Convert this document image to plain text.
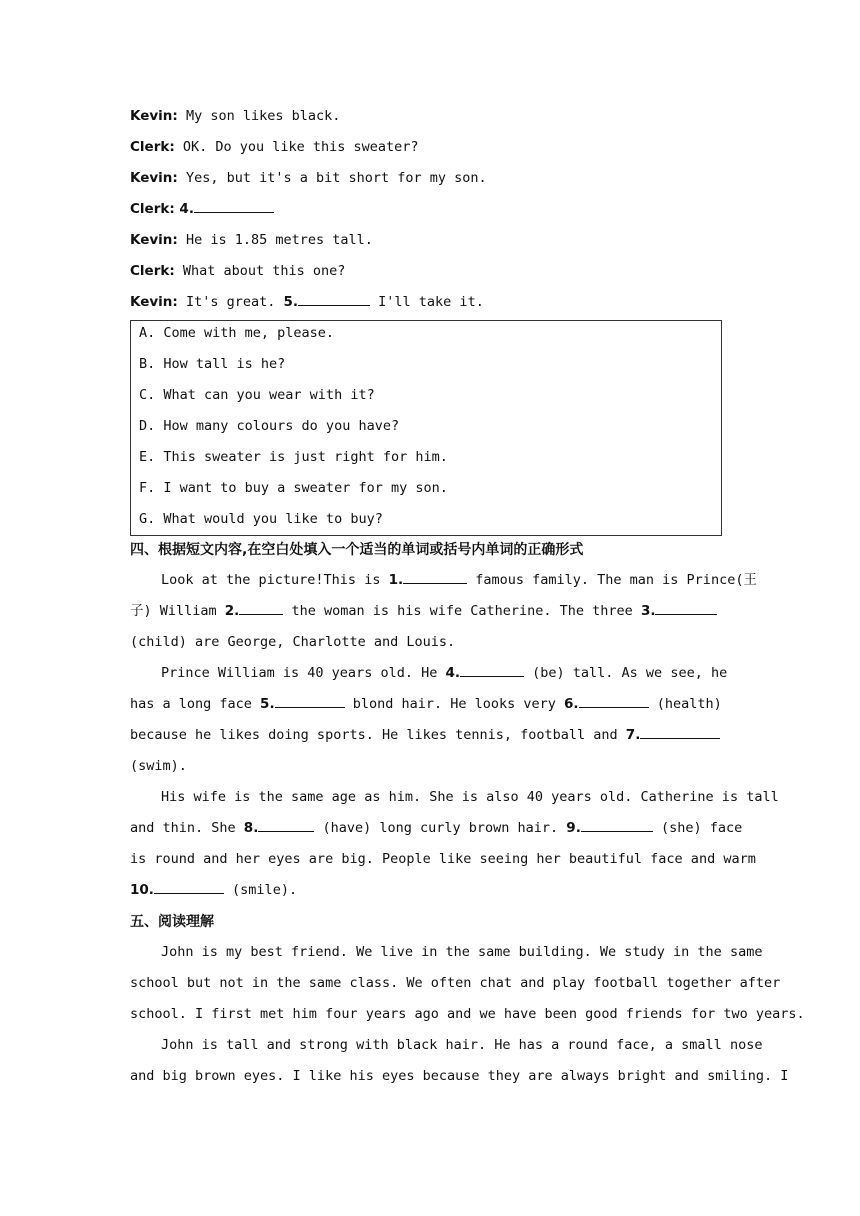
Kevin: My son likes black.
Clerk: OK. Do you like this sweater?
Kevin: Yes, but it's a bit short for my son.
Clerk: 4.
Kevin: He is 1.85 metres tall.
Clerk: What about this one?
Kevin: It's great. 5.	I'll take it.
A. Come with me, please.
B. How tall is he?
C. What can you wear with it?
D. How many colours do you have?
E. This sweater is just right for him.
F. I want to buy a sweater for my son.
G. What would you like to buy?
四、根据短文内容,在空白处填入一个适当的单词或括号内单词的正确形式
Look at the picture!This is 1.	famous family. The man is Prince(王
子) William 2.	the woman is his wife Catherine. The three 3.
(child) are George, Charlotte and Louis.
Prince William is 40 years old. He 4.	(be) tall. As we see, he
has a long face 5.	blond hair. He looks very 6.	(health)
because he likes doing sports. He likes tennis, football and 7.
(swim).
His wife is the same age as him. She is also 40 years old. Catherine is tall
and thin. She 8.	(have) long curly brown hair. 9.	(she) face
is round and her eyes are big. People like seeing her beautiful face and warm
10.	(smile).
五、阅读理解
John is my best friend. We live in the same building. We study in the same
school but not in the same class. We often chat and play football together after
school. I first met him four years ago and we have been good friends for two years.
John is tall and strong with black hair. He has a round face, a small nose
and big brown eyes. I like his eyes because they are always bright and smiling. I
